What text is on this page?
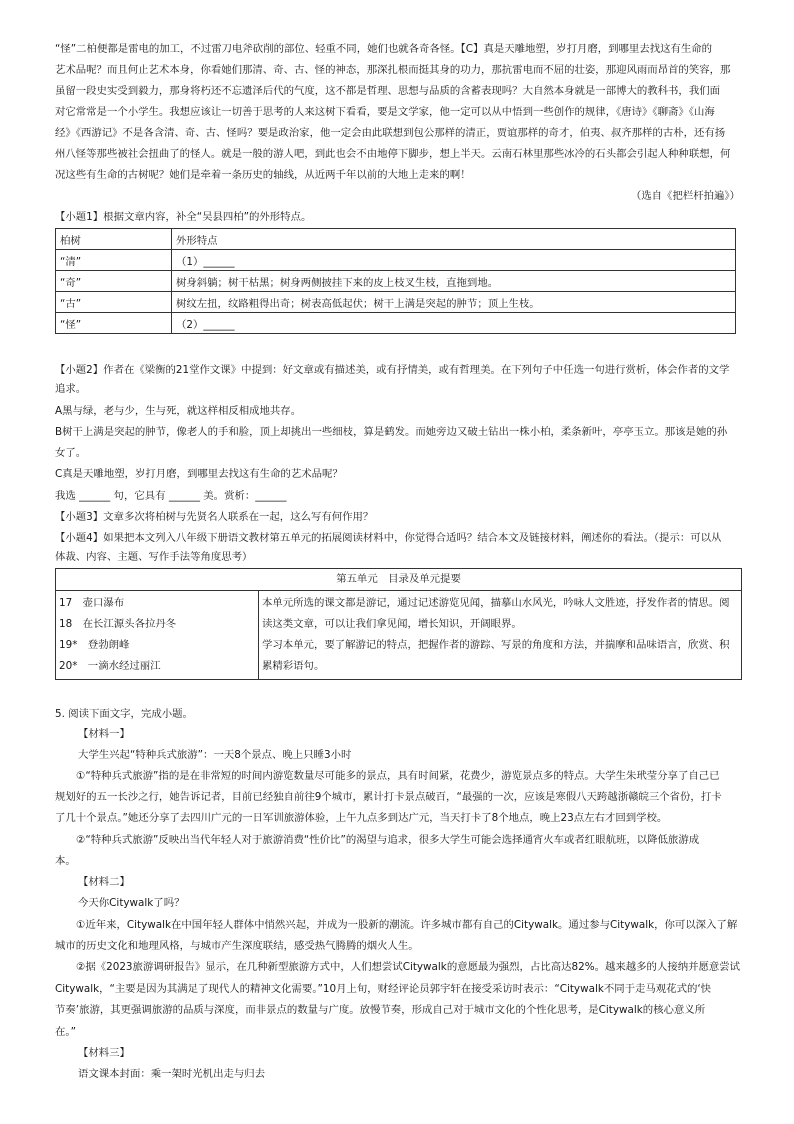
“怪”二柏便都是雷电的加工，不过雷刀电斧砍削的部位、轻重不同，她们也就各奇各怪。【C】真是天雕地塑，岁打月磨，到哪里去找这有生命的
艺术品呢？而且何止艺术本身，你看她们那清、奇、古、怪的神态，那深扎根而挺其身的功力，那抗雷电而不屈的壮姿，那迎风雨而昂首的笑容，那
虽留一段史实受到毅力，那身将朽还不忘遗泽后代的气度，这不都是哲理、思想与品质的含蓄表现吗？大自然本身就是一部博大的教科书，我们面
对它常常是一个小学生。我想应该让一切善于思考的人来这树下看看，要是文学家，他一定可以从中悟到一些创作的规律，《唐诗》《聊斋》《山海
经》《西游记》不是各含清、奇、古、怪吗？要是政治家，他一定会由此联想到包公那样的清正，贾谊那样的奇才，伯夷、叔齐那样的古朴，还有扬
州八怪等那些被社会扭曲了的怪人。就是一般的游人吧，到此也会不由地停下脚步，想上半天。云南石林里那些冰冷的石头都会引起人种种联想，何
况这些有生命的古树呢？她们是牵着一条历史的轴线，从近两千年以前的大地上走来的啊！
（选自《把栏杆拍遍》）
【小题1】根据文章内容，补全“吴县四柏”的外形特点。
柏树	外形特点
“清”	（1）______
“奇”	树身斜躺；树干枯黑；树身两侧披挂下来的皮上枝叉生枝，直拖到地。
“古”	树纹左扭，纹路粗得出奇；树表高低起伏；树干上满是突起的肿节；顶上生枝。
“怪”	（2）______
【小题2】作者在《梁衡的21堂作文课》中提到：好文章或有描述美，或有抒情美，或有哲理美。在下列句子中任选一句进行赏析，体会作者的文学
追求。
A黑与绿，老与少，生与死，就这样相反相成地共存。
B树干上满是突起的肿节，像老人的手和脸，顶上却挑出一些细枝，算是鹤发。而她旁边又破土钻出一株小柏，柔条新叶，亭亭玉立。那该是她的孙
女了。
C真是天雕地塑，岁打月磨，到哪里去找这有生命的艺术品呢？
我选 ______ 句，它具有 ______ 美。赏析：______
【小题3】文章多次将柏树与先贤名人联系在一起，这么写有何作用？
【小题4】如果把本文列入八年级下册语文教材第五单元的拓展阅读材料中，你觉得合适吗？结合本文及链接材料，阐述你的看法。（提示：可以从
体裁、内容、主题、写作手法等角度思考）
第五单元　目录及单元提要
17　壶口瀑布
18　在长江源头各拉丹冬
19*　登勃朗峰
20*　一滴水经过丽江
本单元所选的课文都是游记，通过记述游览见闻，描摹山水风光，吟咏人文胜迹，抒发作者的情思。阅
读这类文章，可以让我们拿见闻，增长知识，开阔眼界。
学习本单元，要了解游记的特点，把握作者的游踪、写景的角度和方法，并揣摩和品味语言，欣赏、积
累精彩语句。
5. 阅读下面文字，完成小题。
【材料一】
大学生兴起“特种兵式旅游”：一天8个景点、晚上只睡3小时
①“特种兵式旅游”指的是在非常短的时间内游览数量尽可能多的景点，具有时间紧，花费少，游览景点多的特点。大学生朱玳莹分享了自己已
规划好的五一长沙之行，她告诉记者，目前已经独自前往9个城市，累计打卡景点破百，“最强的一次，应该是寒假八天跨越浙赣皖三个省份，打卡
了几十个景点。”她还分享了去四川广元的一日军训旅游体验，上午九点多到达广元，当天打卡了8个地点，晚上23点左右才回到学校。
②“特种兵式旅游”反映出当代年轻人对于旅游消费“性价比”的渴望与追求，很多大学生可能会选择通宵火车或者红眼航班，以降低旅游成
本。
【材料二】
今天你Citywalk了吗？
①近年来，Citywalk在中国年轻人群体中悄然兴起，并成为一股新的潮流。许多城市都有自己的Citywalk。通过参与Citywalk，你可以深入了解
城市的历史文化和地理风格，与城市产生深度联结，感受热气腾腾的烟火人生。
②据《2023旅游调研报告》显示，在几种新型旅游方式中，人们想尝试Citywalk的意愿最为强烈，占比高达82%。越来越多的人接纳并愿意尝试
Citywalk，“主要是因为其满足了现代人的精神文化需要。”10月上旬，财经评论员郭宇轩在接受采访时表示：“Citywalk不同于走马观花式的‘快
节奏’旅游，其更强调旅游的品质与深度，而非景点的数量与广度。放慢节奏，形成自己对于城市文化的个性化思考，是Citywalk的核心意义所
在。”
【材料三】
语文课本封面：乘一架时光机出走与归去
